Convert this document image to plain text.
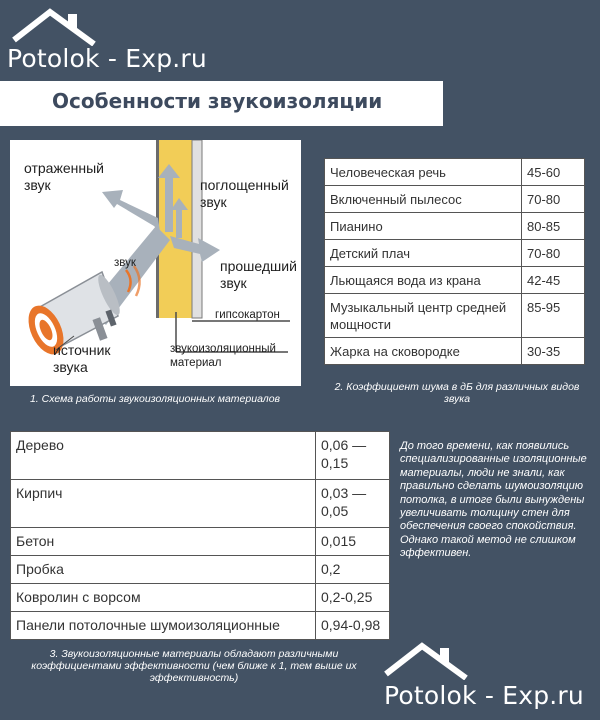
Potolok - Exp.ru
Особенности звукоизоляции
отраженный звук	поглощенный звук
звук	прошедший звук
источник звука
гипсокартон
звукоизоляционный материал
1. Схема работы звукоизоляционных материалов
Человеческая речь	45-60
Включенный пылесос	70-80
Пианино	80-85
Детский плач	70-80
Льющаяся вода из крана	42-45
Музыкальный центр средней мощности	85-95
Жарка на сковородке	30-35
2. Коэффициент шума в дБ для различных видов звука
Дерево	0,06 — 0,15
Кирпич	0,03 — 0,05
Бетон	0,015
Пробка	0,2
Ковролин с ворсом	0,2-0,25
Панели потолочные шумоизоляционные	0,94-0,98
3. Звукоизоляционные материалы обладают различными коэффициентами эффективности (чем ближе к 1, тем выше их эффективность)
До того времени, как появились специализированные изоляционные материалы, люди не знали, как правильно сделать шумоизоляцию потолка, в итоге были вынуждены увеличивать толщину стен для обеспечения своего спокойствия. Однако такой метод не слишком эффективен.
Potolok - Exp.ru
